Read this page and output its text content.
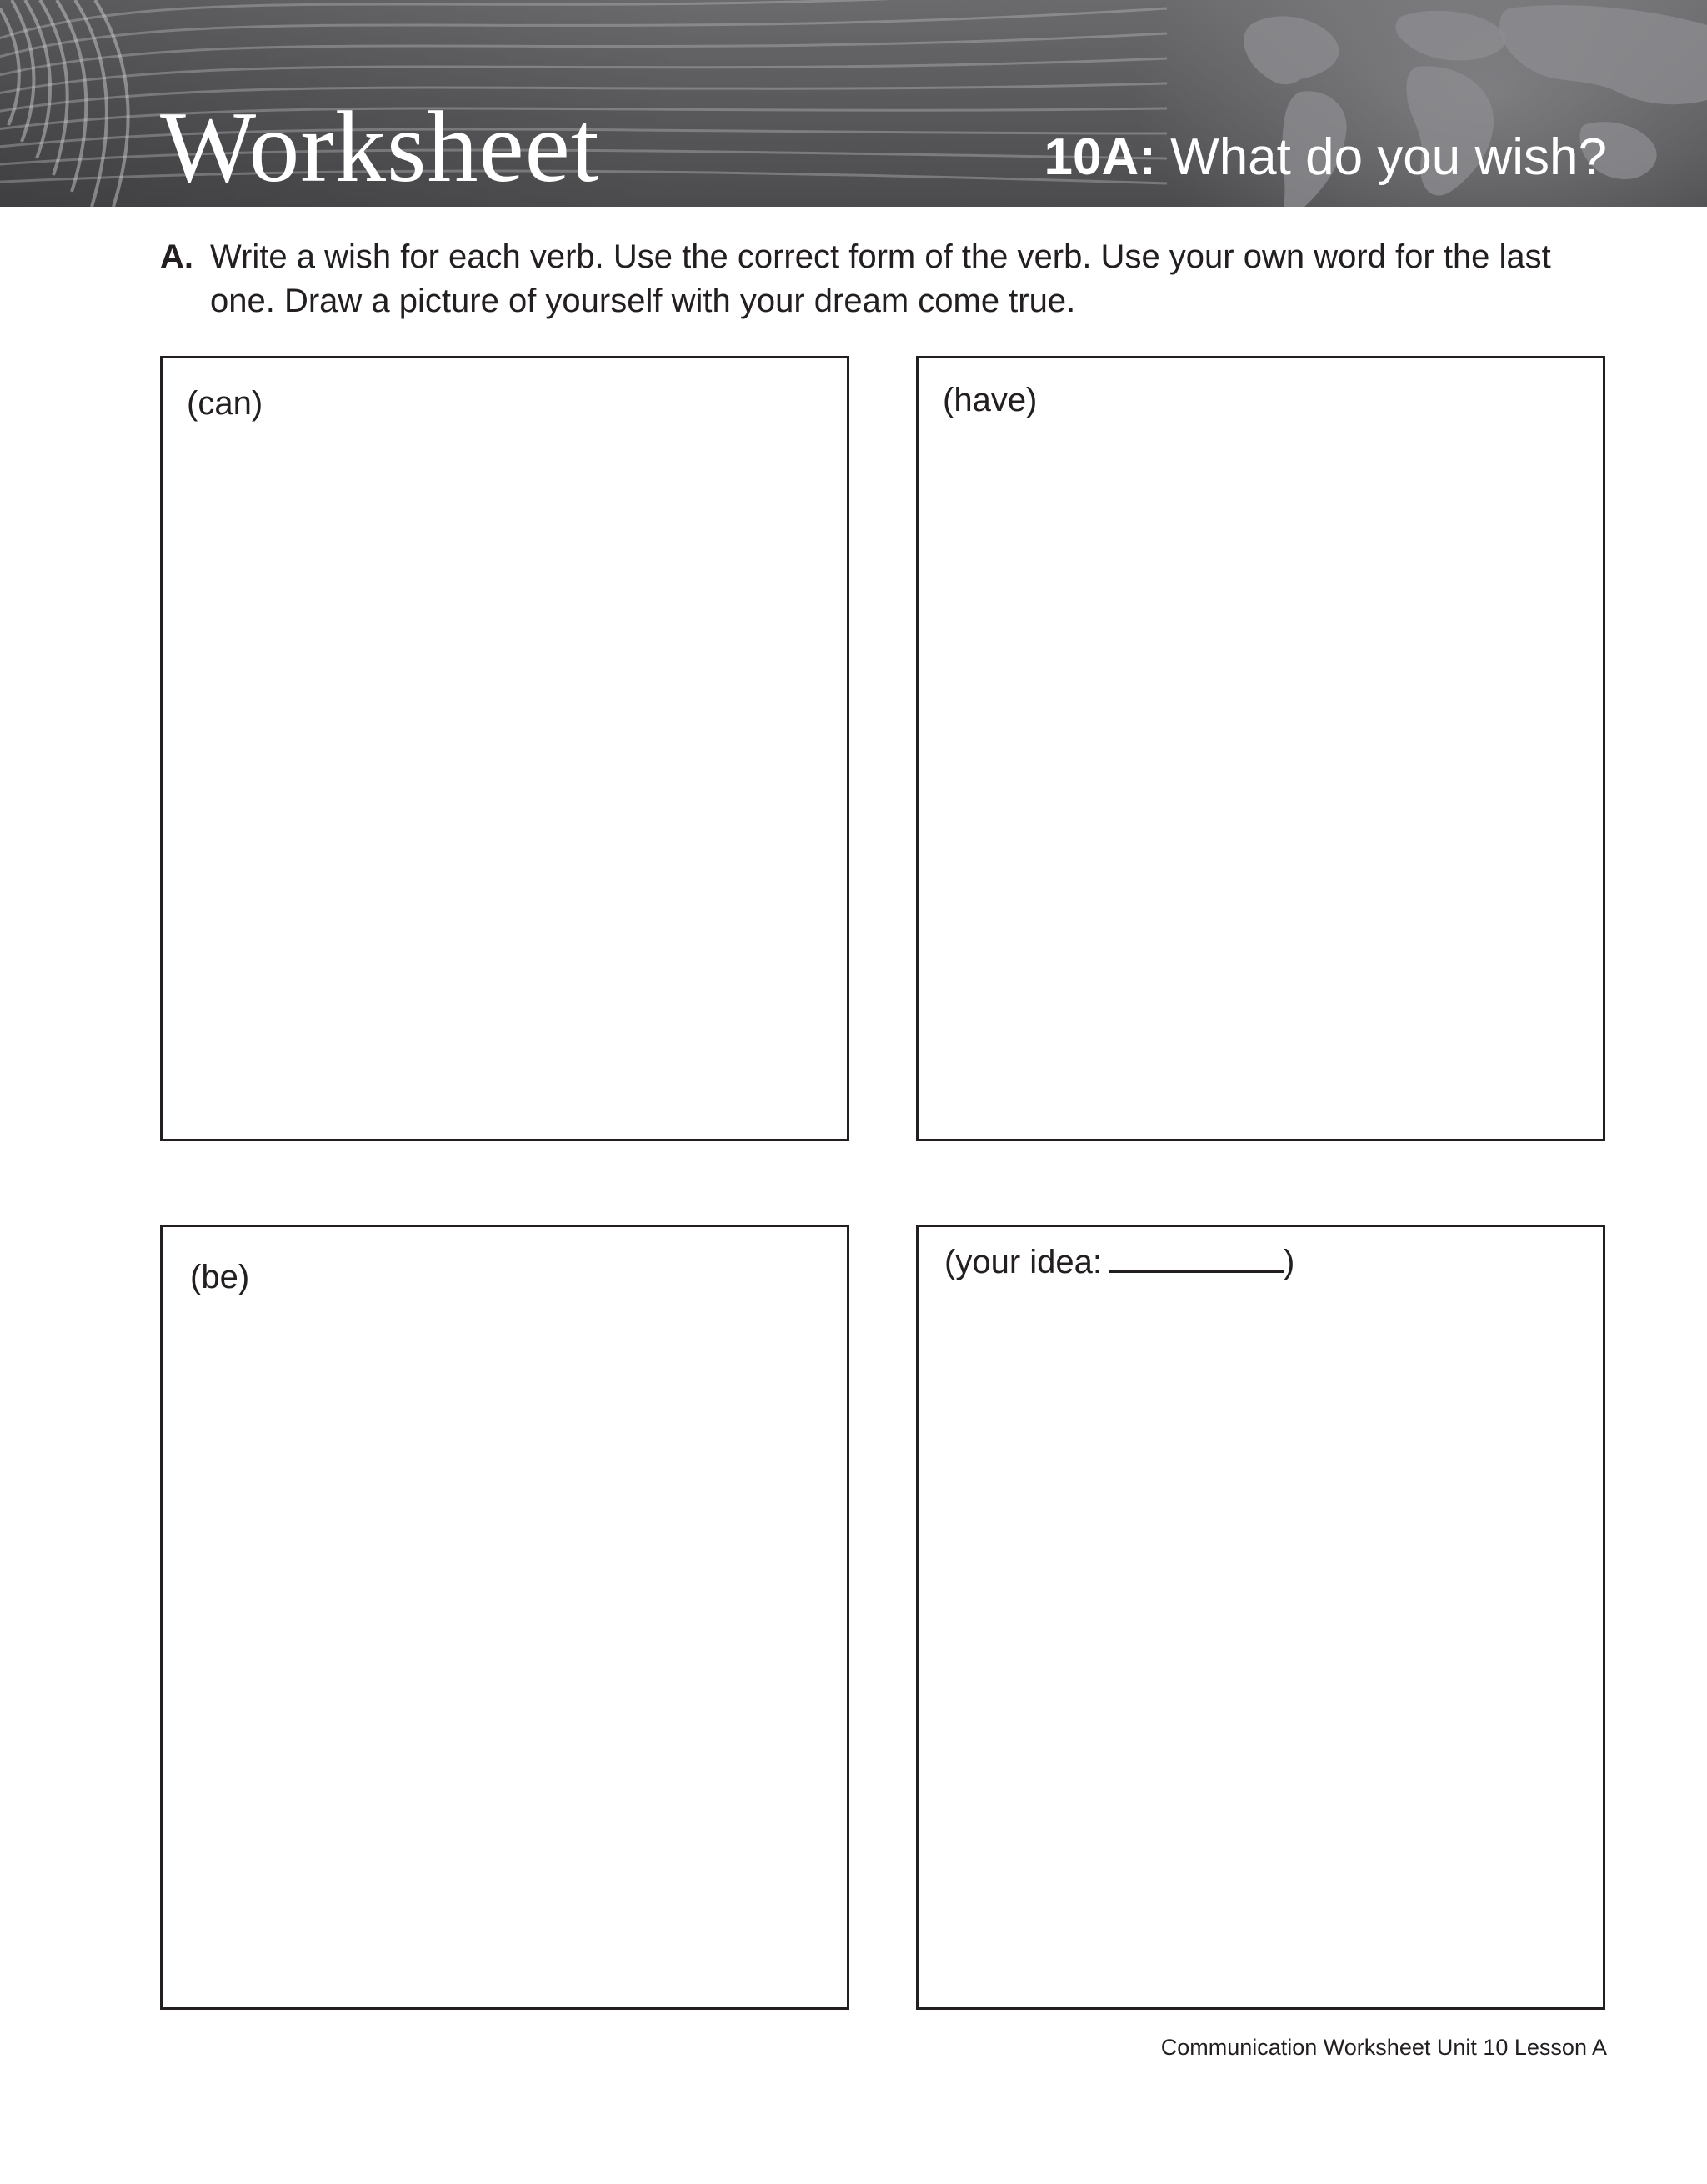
Worksheet	10A: What do you wish?
A. Write a wish for each verb. Use the correct form of the verb. Use your own word for the last one. Draw a picture of yourself with your dream come true.
(can)	(have)
(be)	(your idea:	)
Communication Worksheet Unit 10 Lesson A
